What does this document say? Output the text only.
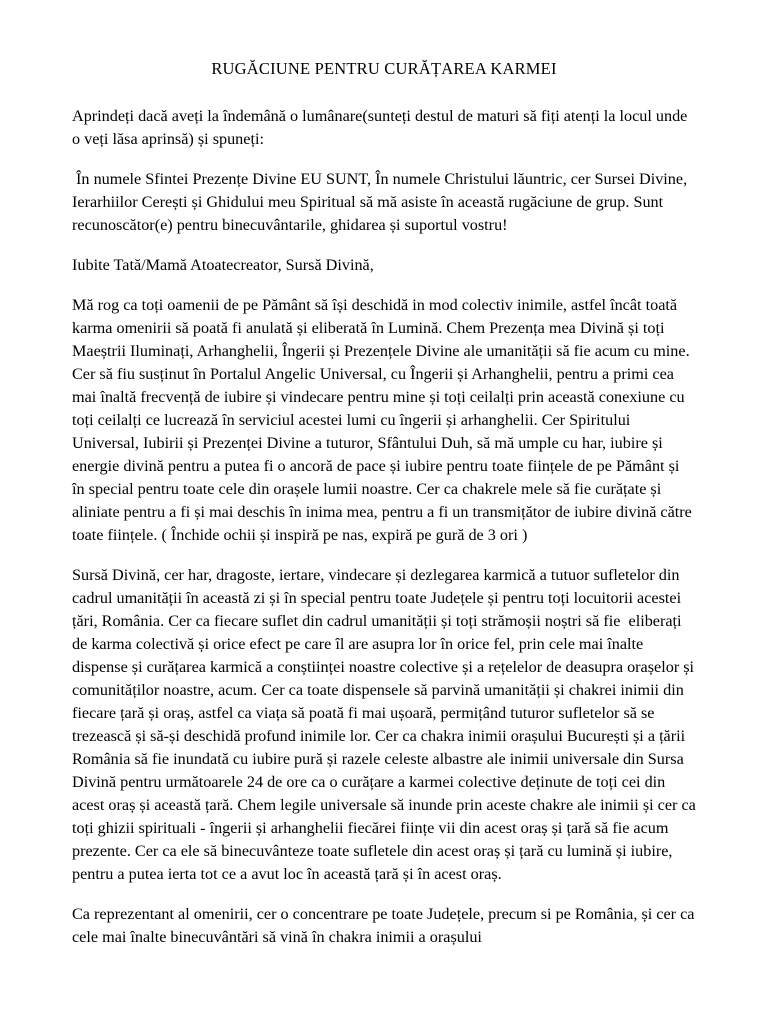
RUGĂCIUNE PENTRU CURĂȚAREA KARMEI

Aprindeți dacă aveți la îndemână o lumânare(sunteți destul de maturi să fiți atenți la locul unde o veți lăsa aprinsă) și spuneți:

În numele Sfintei Prezențe Divine EU SUNT, În numele Christului lăuntric, cer Sursei Divine, Ierarhiilor Cerești și Ghidului meu Spiritual să mă asiste în această rugăciune de grup. Sunt recunoscător(e) pentru binecuvântarile, ghidarea și suportul vostru!

Iubite Tată/Mamă Atoatecreator, Sursă Divină,

Mă rog ca toți oamenii de pe Pământ să își deschidă in mod colectiv inimile, astfel încât toată karma omenirii să poată fi anulată și eliberată în Lumină. Chem Prezența mea Divină și toți Maeștrii Iluminați, Arhanghelii, Îngerii și Prezențele Divine ale umanității să fie acum cu mine.  Cer să fiu susținut în Portalul Angelic Universal, cu Îngerii și Arhanghelii, pentru a primi cea mai înaltă frecvență de iubire și vindecare pentru mine și toți ceilalți prin această conexiune cu toți ceilalți ce lucrează în serviciul acestei lumi cu îngerii și arhanghelii. Cer Spiritului Universal, Iubirii și Prezenței Divine a tuturor, Sfântului Duh, să mă umple cu har, iubire și energie divină pentru a putea fi o ancoră de pace și iubire pentru toate ființele de pe Pământ și în special pentru toate cele din orașele lumii noastre. Cer ca chakrele mele să fie curățate și aliniate pentru a fi și mai deschis în inima mea, pentru a fi un transmițător de iubire divină către toate ființele. ( Închide ochii și inspiră pe nas, expiră pe gură de 3 ori )

Sursă Divină, cer har, dragoste, iertare, vindecare și dezlegarea karmică a tutuor sufletelor din cadrul umanității în această zi și în special pentru toate Județele și pentru toți locuitorii acestei țări, România. Cer ca fiecare suflet din cadrul umanității și toți strămoșii noștri să fie  eliberați de karma colectivă și orice efect pe care îl are asupra lor în orice fel, prin cele mai înalte dispense și curățarea karmică a conștiinței noastre colective și a rețelelor de deasupra orașelor și comunităților noastre, acum. Cer ca toate dispensele să parvină umanității și chakrei inimii din fiecare țară și oraș, astfel ca viața să poată fi mai ușoară, permițând tuturor sufletelor să se trezească și să-și deschidă profund inimile lor. Cer ca chakra inimii orașului București și a țării România să fie inundată cu iubire pură și razele celeste albastre ale inimii universale din Sursa Divină pentru următoarele 24 de ore ca o curățare a karmei colective deținute de toți cei din acest oraș și această țară. Chem legile universale să inunde prin aceste chakre ale inimii și cer ca toți ghizii spirituali - îngerii și arhanghelii fiecărei ființe vii din acest oraș și țară să fie acum prezente. Cer ca ele să binecuvânteze toate sufletele din acest oraș și țară cu lumină și iubire, pentru a putea ierta tot ce a avut loc în această țară și în acest oraș.

Ca reprezentant al omenirii, cer o concentrare pe toate Județele, precum si pe România, și cer ca cele mai înalte binecuvântări să vină în chakra inimii a orașului
